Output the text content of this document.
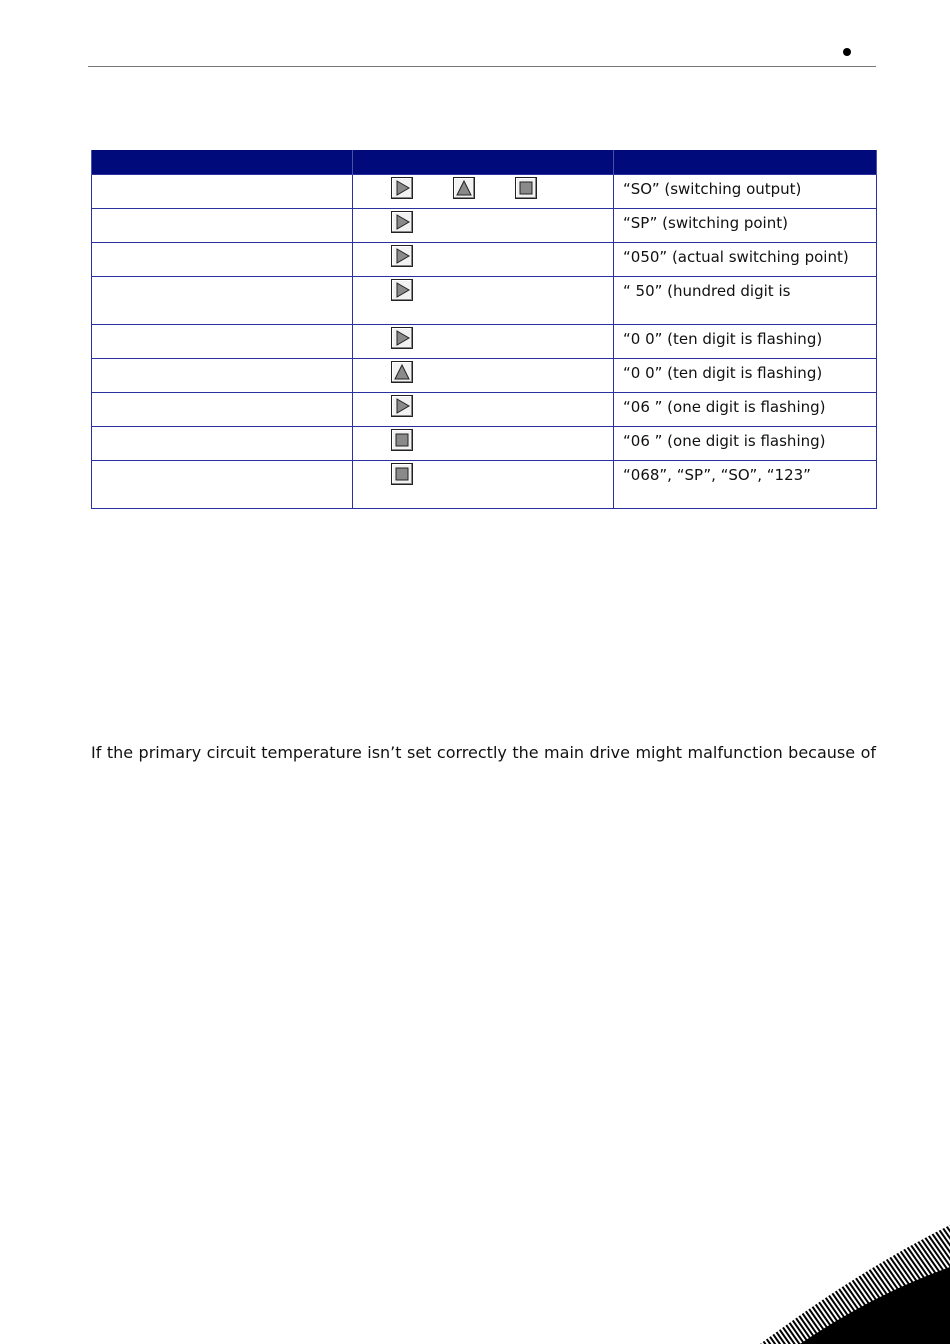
	“SO” (switching output)

	“SP” (switching point)

	“050” (actual switching point)

	“ 50” (hundred digit is

	“0 0” (ten digit is flashing)

	“0 0” (ten digit is flashing)

	“06 ” (one digit is flashing)

	“06 ” (one digit is flashing)

	“068”, “SP”, “SO”, “123”

If the primary circuit temperature isn’t set correctly the main drive might malfunction because of
